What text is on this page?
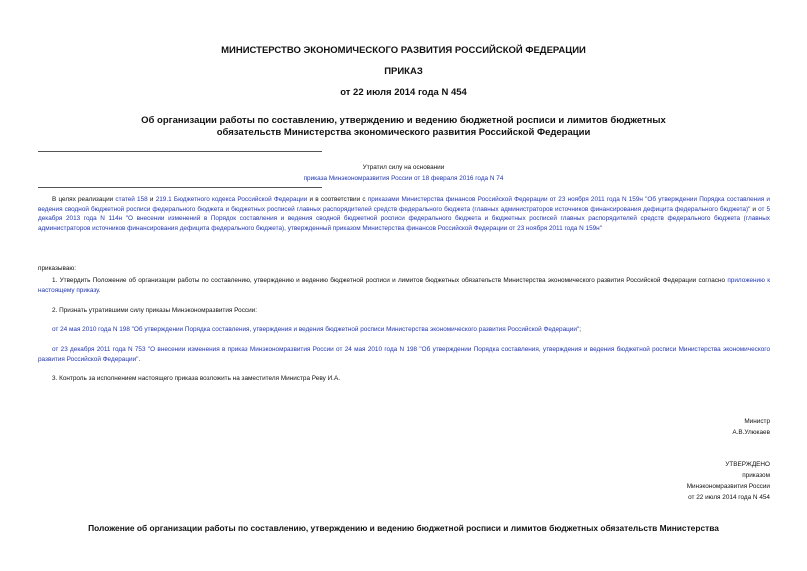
МИНИСТЕРСТВО ЭКОНОМИЧЕСКОГО РАЗВИТИЯ РОССИЙСКОЙ ФЕДЕРАЦИИ
ПРИКАЗ
от 22 июля 2014 года N 454
Об организации работы по составлению, утверждению и ведению бюджетной росписи и лимитов бюджетных обязательств Министерства экономического развития Российской Федерации
Утратил силу на основании
приказа Минэкономразвития России от 18 февраля 2016 года N 74
В целях реализации статей 158 и 219.1 Бюджетного кодекса Российской Федерации и в соответствии с приказами Министерства финансов Российской Федерации от 23 ноября 2011 года N 159н "Об утверждении Порядка составления и ведения сводной бюджетной росписи федерального бюджета и бюджетных росписей главных распорядителей средств федерального бюджета (главных администраторов источников финансирования дефицита федерального бюджета)" и от 5 декабря 2013 года N 114н "О внесении изменений в Порядок составления и ведения сводной бюджетной росписи федерального бюджета и бюджетных росписей главных распорядителей средств федерального бюджета (главных администраторов источников финансирования дефицита федерального бюджета), утвержденный приказом Министерства финансов Российской Федерации от 23 ноября 2011 года N 159н"
приказываю:
1. Утвердить Положение об организации работы по составлению, утверждению и ведению бюджетной росписи и лимитов бюджетных обязательств Министерства экономического развития Российской Федерации согласно приложению к настоящему приказу.
2. Признать утратившими силу приказы Минэкономразвития России:
от 24 мая 2010 года N 198 "Об утверждении Порядка составления, утверждения и ведения бюджетной росписи Министерства экономического развития Российской Федерации";
от 23 декабря 2011 года N 753 "О внесении изменения в приказ Минэкономразвития России от 24 мая 2010 года N 198 "Об утверждении Порядка составления, утверждения и ведения бюджетной росписи Министерства экономического развития Российской Федерации".
3. Контроль за исполнением настоящего приказа возложить на заместителя Министра Реву И.А.
Министр
А.В.Улюкаев
УТВЕРЖДЕНО
приказом
Минэкономразвития России
от 22 июля 2014 года N 454
Положение об организации работы по составлению, утверждению и ведению бюджетной росписи и лимитов бюджетных обязательств Министерства
